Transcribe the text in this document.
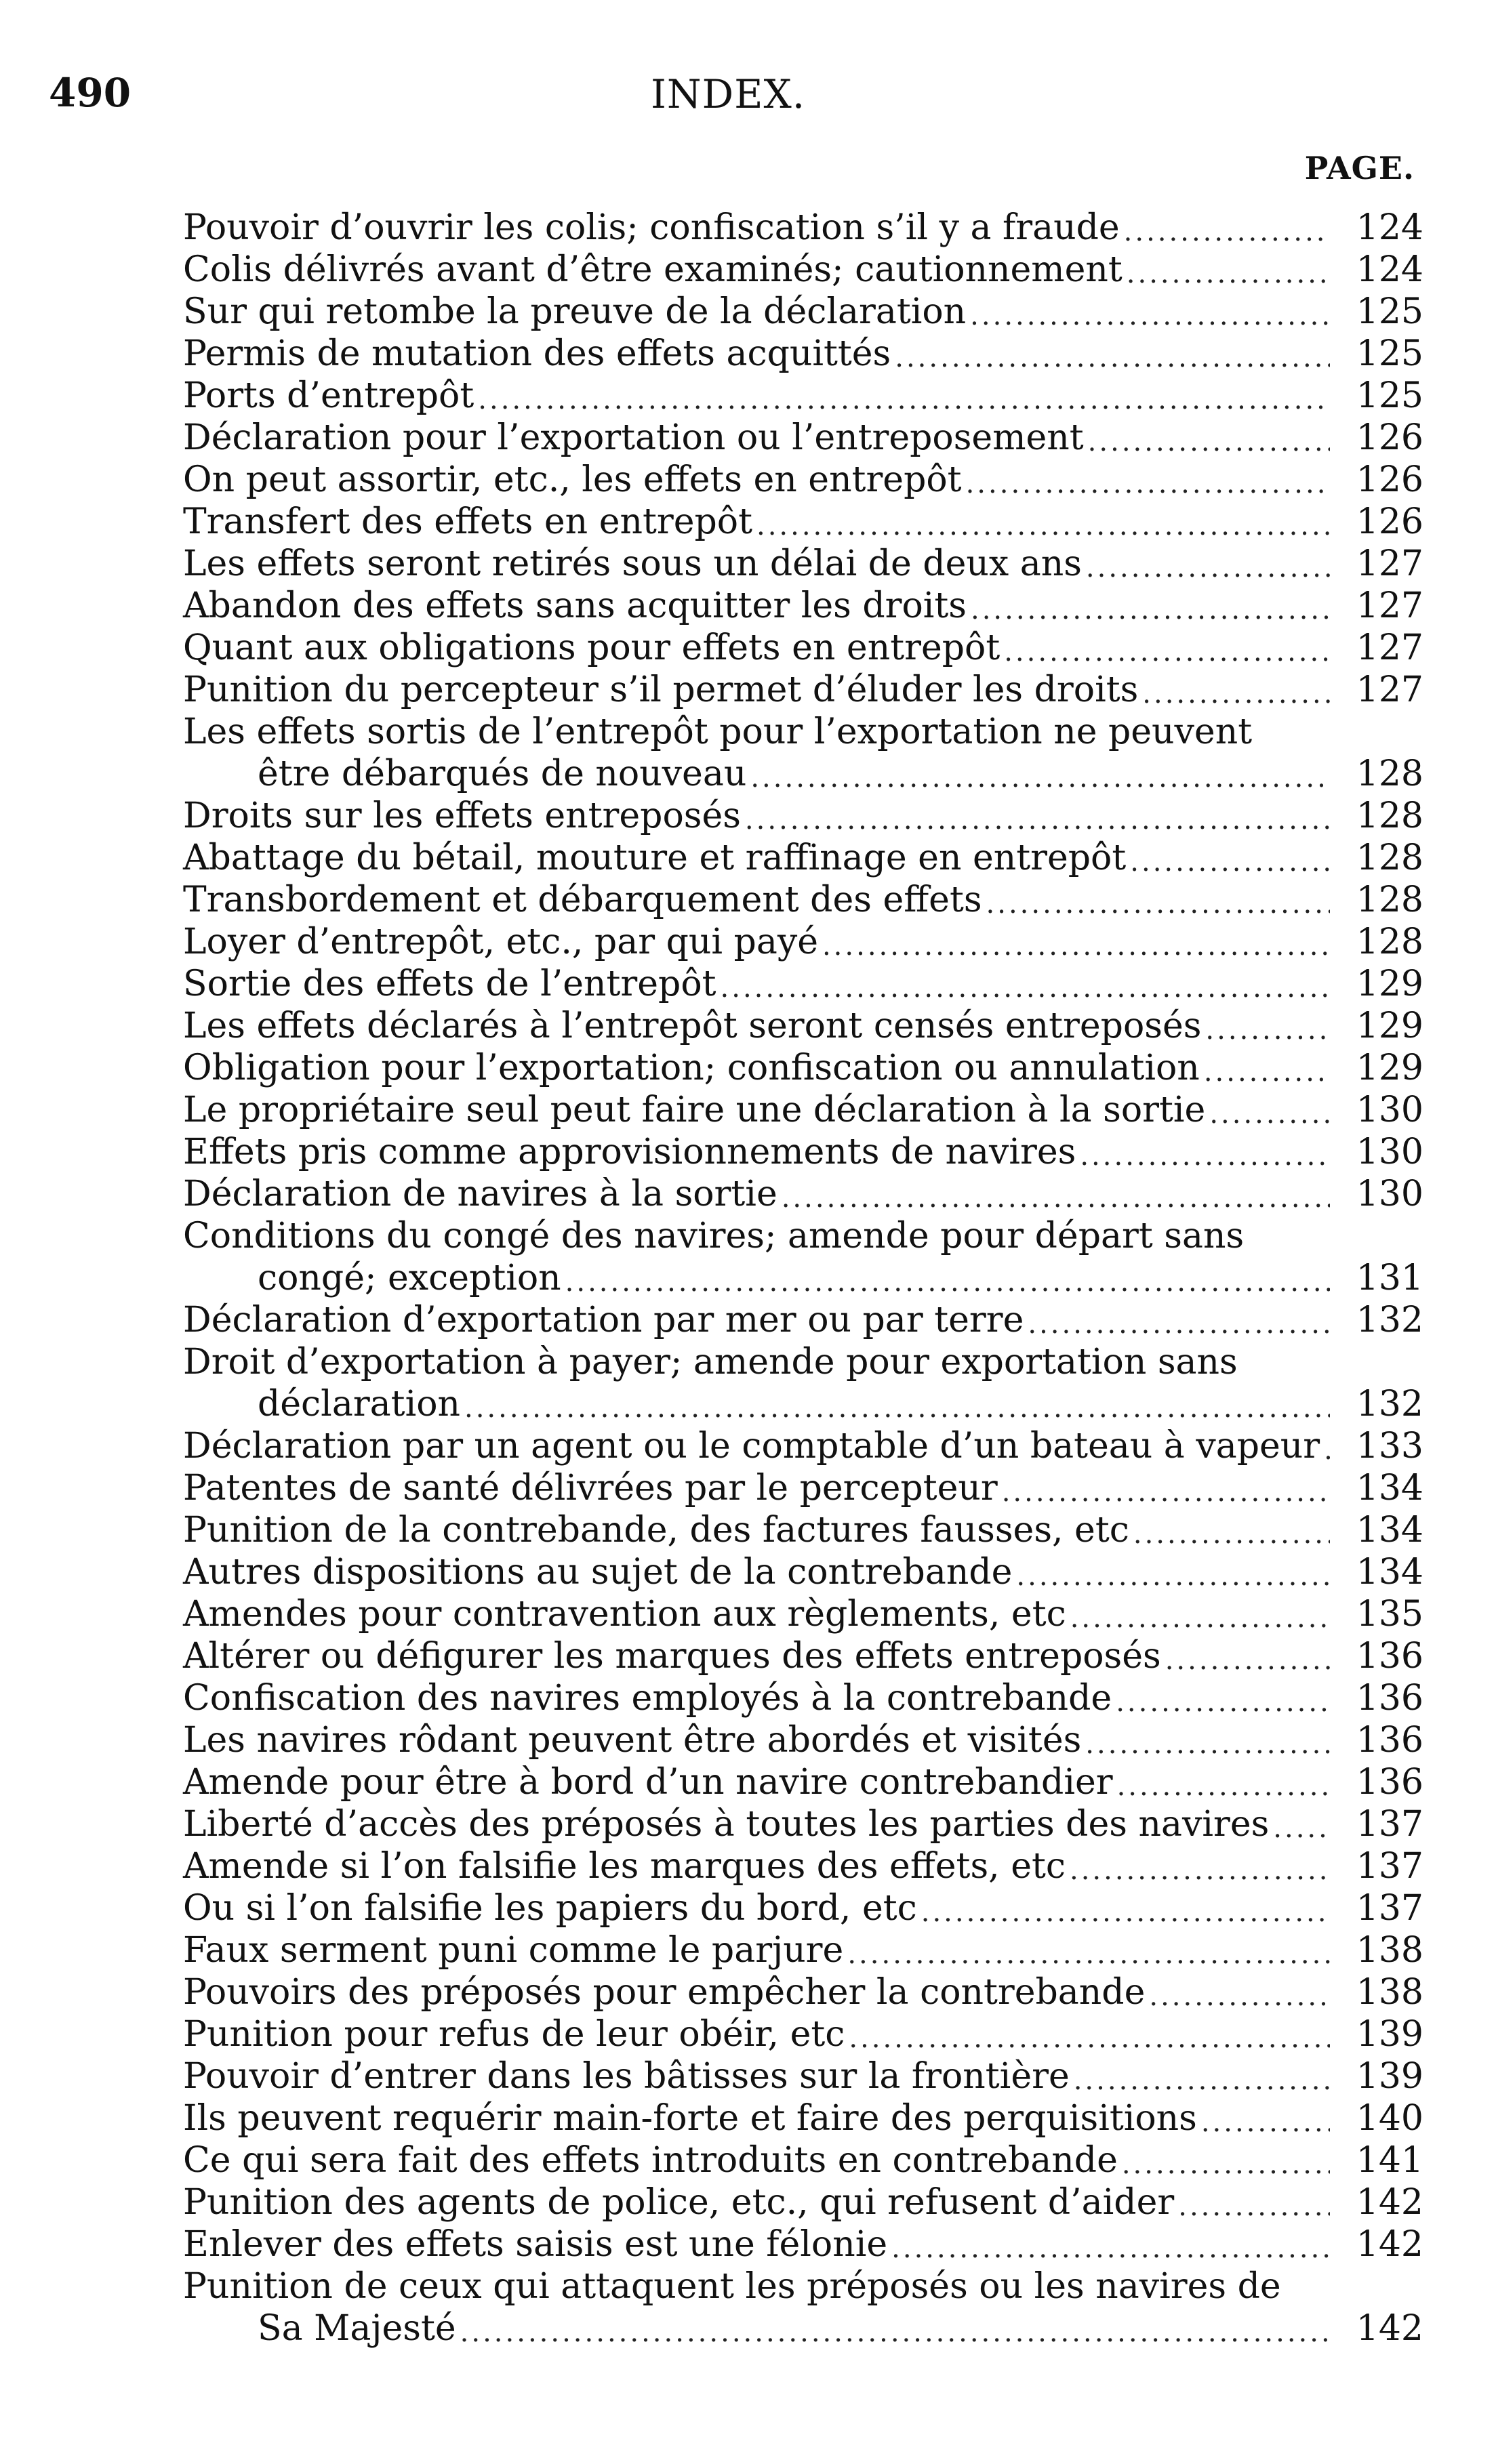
490	INDEX.
PAGE.
Pouvoir d’ouvrir les colis; confiscation s’il y a fraude .....	124
Colis délivrés avant d’être examinés; cautionnement .....	124
Sur qui retombe la preuve de la déclaration .....	125
Permis de mutation des effets acquittés .....	125
Ports d’entrepôt .....	125
Déclaration pour l’exportation ou l’entreposement .....	126
On peut assortir, etc., les effets en entrepôt .....	126
Transfert des effets en entrepôt .....	126
Les effets seront retirés sous un délai de deux ans .....	127
Abandon des effets sans acquitter les droits .....	127
Quant aux obligations pour effets en entrepôt .....	127
Punition du percepteur s’il permet d’éluder les droits .....	127
Les effets sortis de l’entrepôt pour l’exportation ne peuvent
être débarqués de nouveau .....	128
Droits sur les effets entreposés .....	128
Abattage du bétail, mouture et raffinage en entrepôt .....	128
Transbordement et débarquement des effets .....	128
Loyer d’entrepôt, etc., par qui payé .....	128
Sortie des effets de l’entrepôt .....	129
Les effets déclarés à l’entrepôt seront censés entreposés .....	129
Obligation pour l’exportation; confiscation ou annulation .....	129
Le propriétaire seul peut faire une déclaration à la sortie .....	130
Effets pris comme approvisionnements de navires .....	130
Déclaration de navires à la sortie .....	130
Conditions du congé des navires; amende pour départ sans
congé; exception .....	131
Déclaration d’exportation par mer ou par terre .....	132
Droit d’exportation à payer; amende pour exportation sans
déclaration .....	132
Déclaration par un agent ou le comptable d’un bateau à vapeur .....	133
Patentes de santé délivrées par le percepteur .....	134
Punition de la contrebande, des factures fausses, etc .....	134
Autres dispositions au sujet de la contrebande .....	134
Amendes pour contravention aux règlements, etc .....	135
Altérer ou défigurer les marques des effets entreposés .....	136
Confiscation des navires employés à la contrebande .....	136
Les navires rôdant peuvent être abordés et visités .....	136
Amende pour être à bord d’un navire contrebandier .....	136
Liberté d’accès des préposés à toutes les parties des navires .....	137
Amende si l’on falsifie les marques des effets, etc .....	137
Ou si l’on falsifie les papiers du bord, etc .....	137
Faux serment puni comme le parjure .....	138
Pouvoirs des préposés pour empêcher la contrebande .....	138
Punition pour refus de leur obéir, etc .....	139
Pouvoir d’entrer dans les bâtisses sur la frontière .....	139
Ils peuvent requérir main-forte et faire des perquisitions .....	140
Ce qui sera fait des effets introduits en contrebande .....	141
Punition des agents de police, etc., qui refusent d’aider .....	142
Enlever des effets saisis est une félonie .....	142
Punition de ceux qui attaquent les préposés ou les navires de
Sa Majesté .....	142
